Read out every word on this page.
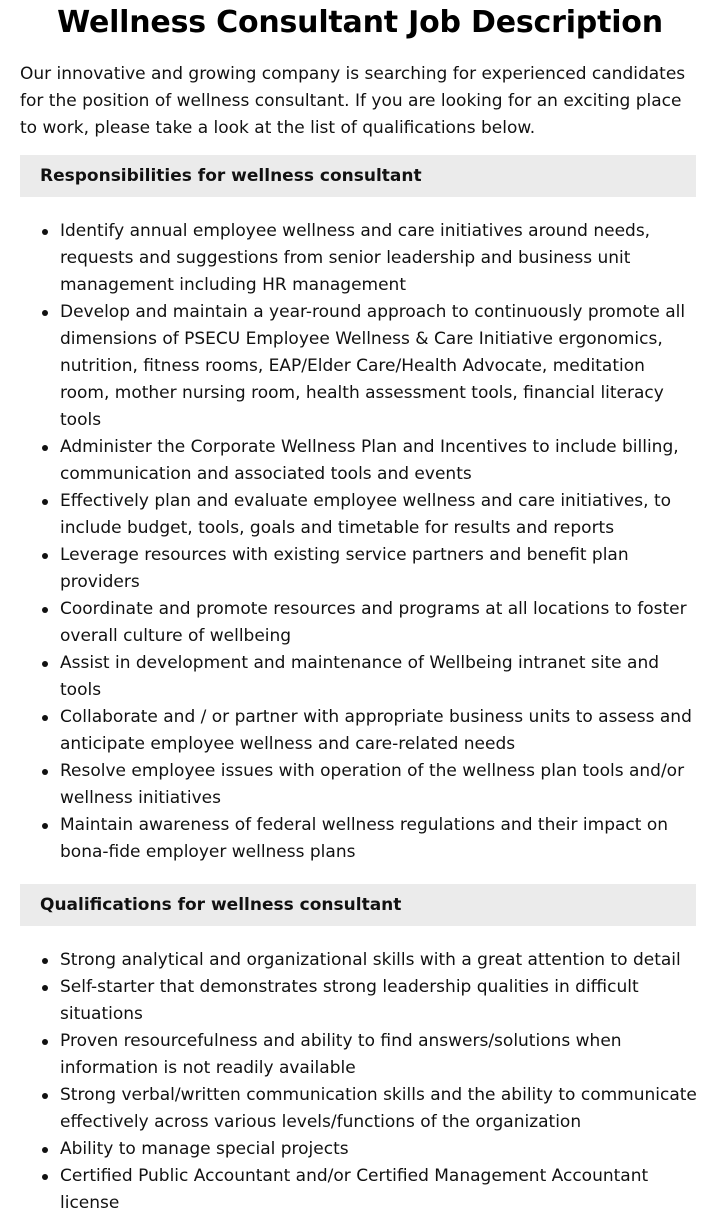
Wellness Consultant Job Description

Our innovative and growing company is searching for experienced candidates for the position of wellness consultant. If you are looking for an exciting place to work, please take a look at the list of qualifications below.

Responsibilities for wellness consultant
Identify annual employee wellness and care initiatives around needs, requests and suggestions from senior leadership and business unit management including HR management
Develop and maintain a year-round approach to continuously promote all dimensions of PSECU Employee Wellness & Care Initiative ergonomics, nutrition, fitness rooms, EAP/Elder Care/Health Advocate, meditation room, mother nursing room, health assessment tools, financial literacy tools
Administer the Corporate Wellness Plan and Incentives to include billing, communication and associated tools and events
Effectively plan and evaluate employee wellness and care initiatives, to include budget, tools, goals and timetable for results and reports
Leverage resources with existing service partners and benefit plan providers
Coordinate and promote resources and programs at all locations to foster overall culture of wellbeing
Assist in development and maintenance of Wellbeing intranet site and tools
Collaborate and / or partner with appropriate business units to assess and anticipate employee wellness and care-related needs
Resolve employee issues with operation of the wellness plan tools and/or wellness initiatives
Maintain awareness of federal wellness regulations and their impact on bona-fide employer wellness plans
Qualifications for wellness consultant
Strong analytical and organizational skills with a great attention to detail
Self-starter that demonstrates strong leadership qualities in difficult situations
Proven resourcefulness and ability to find answers/solutions when information is not readily available
Strong verbal/written communication skills and the ability to communicate effectively across various levels/functions of the organization
Ability to manage special projects
Certified Public Accountant and/or Certified Management Accountant license
